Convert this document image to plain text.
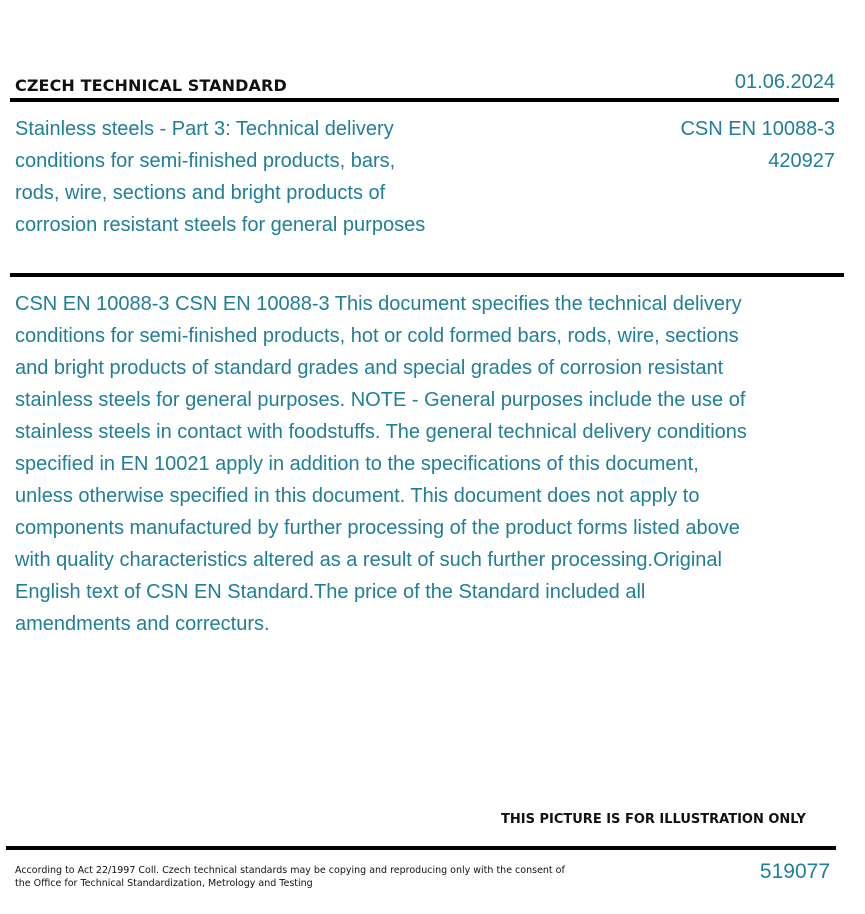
CZECH TECHNICAL STANDARD	01.06.2024
Stainless steels - Part 3: Technical delivery conditions for semi-finished products, bars, rods, wire, sections and bright products of corrosion resistant steels for general purposes
CSN EN 10088-3
420927
CSN EN 10088-3 CSN EN 10088-3 This document specifies the technical delivery conditions for semi-finished products, hot or cold formed bars, rods, wire, sections and bright products of standard grades and special grades of corrosion resistant stainless steels for general purposes. NOTE - General purposes include the use of stainless steels in contact with foodstuffs. The general technical delivery conditions specified in EN 10021 apply in addition to the specifications of this document, unless otherwise specified in this document. This document does not apply to components manufactured by further processing of the product forms listed above with quality characteristics altered as a result of such further processing.Original English text of CSN EN Standard.The price of the Standard included all amendments and correcturs.
THIS PICTURE IS FOR ILLUSTRATION ONLY
According to Act 22/1997 Coll. Czech technical standards may be copying and reproducing only with the consent of the Office for Technical Standardization, Metrology and Testing
519077
